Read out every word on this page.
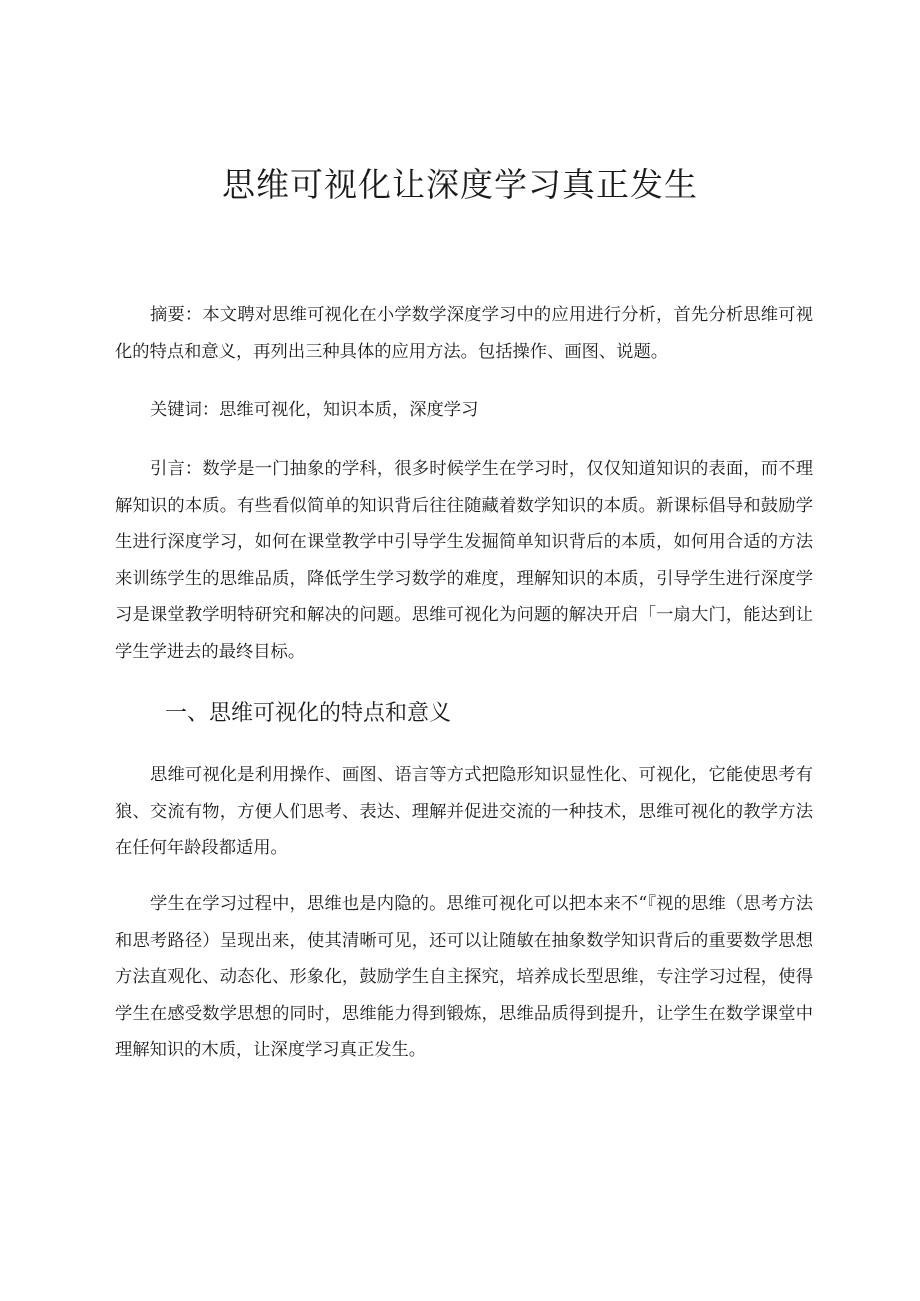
思维可视化让深度学习真正发生

摘要：本文聘对思维可视化在小学数学深度学习中的应用进行分析，首先分析思维可视化的特点和意义，再列出三种具体的应用方法。包括操作、画图、说题。

关键词：思维可视化，知识本质，深度学习

引言：数学是一门抽象的学科，很多时候学生在学习时，仅仅知道知识的表面，而不理解知识的本质。有些看似简单的知识背后往往随藏着数学知识的本质。新课标倡导和鼓励学生进行深度学习，如何在课堂教学中引导学生发掘简单知识背后的本质，如何用合适的方法来训练学生的思维品质，降低学生学习数学的难度，理解知识的本质，引导学生进行深度学习是课堂教学明特研究和解决的问题。思维可视化为问题的解决开启「一扇大门，能达到让学生学进去的最终目标。

一、思维可视化的特点和意义

思维可视化是利用操作、画图、语言等方式把隐形知识显性化、可视化，它能使思考有狼、交流有物，方便人们思考、表达、理解并促进交流的一种技术，思维可视化的教学方法在任何年龄段都适用。

学生在学习过程中，思维也是内隐的。思维可视化可以把本来不“『视的思维（思考方法和思考路径）呈现出来，使其清晰可见，还可以让随敏在抽象数学知识背后的重要数学思想方法直观化、动态化、形象化，鼓励学生自主探究，培养成长型思维，专注学习过程，使得学生在感受数学思想的同时，思维能力得到锻炼，思维品质得到提升，让学生在数学课堂中理解知识的木质，让深度学习真正发生。
